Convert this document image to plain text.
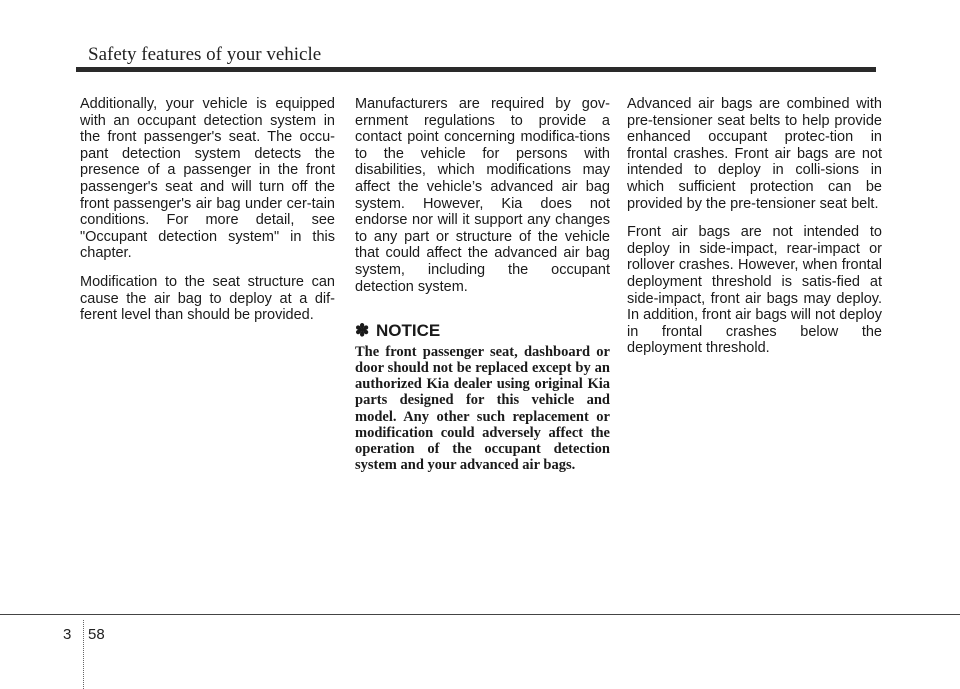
Safety features of your vehicle

Additionally, your vehicle is equipped with an occupant detection system in the front passenger's seat. The occu-pant detection system detects the presence of a passenger in the front passenger's seat and will turn off the front passenger's air bag under cer-tain conditions. For more detail, see "Occupant detection system" in this chapter.

Modification to the seat structure can cause the air bag to deploy at a dif-ferent level than should be provided.

Manufacturers are required by gov-ernment regulations to provide a contact point concerning modifica-tions to the vehicle for persons with disabilities, which modifications may affect the vehicle’s advanced air bag system. However, Kia does not endorse nor will it support any changes to any part or structure of the vehicle that could affect the advanced air bag system, including the occupant detection system.

✽ NOTICE

The front passenger seat, dashboard or door should not be replaced except by an authorized Kia dealer using original Kia parts designed for this vehicle and model. Any other such replacement or modification could adversely affect the operation of the occupant detection system and your advanced air bags.

Advanced air bags are combined with pre-tensioner seat belts to help provide enhanced occupant protec-tion in frontal crashes. Front air bags are not intended to deploy in colli-sions in which sufficient protection can be provided by the pre-tensioner seat belt.

Front air bags are not intended to deploy in side-impact, rear-impact or rollover crashes. However, when frontal deployment threshold is satis-fied at side-impact, front air bags may deploy. In addition, front air bags will not deploy in frontal crashes below the deployment threshold.

3 58
